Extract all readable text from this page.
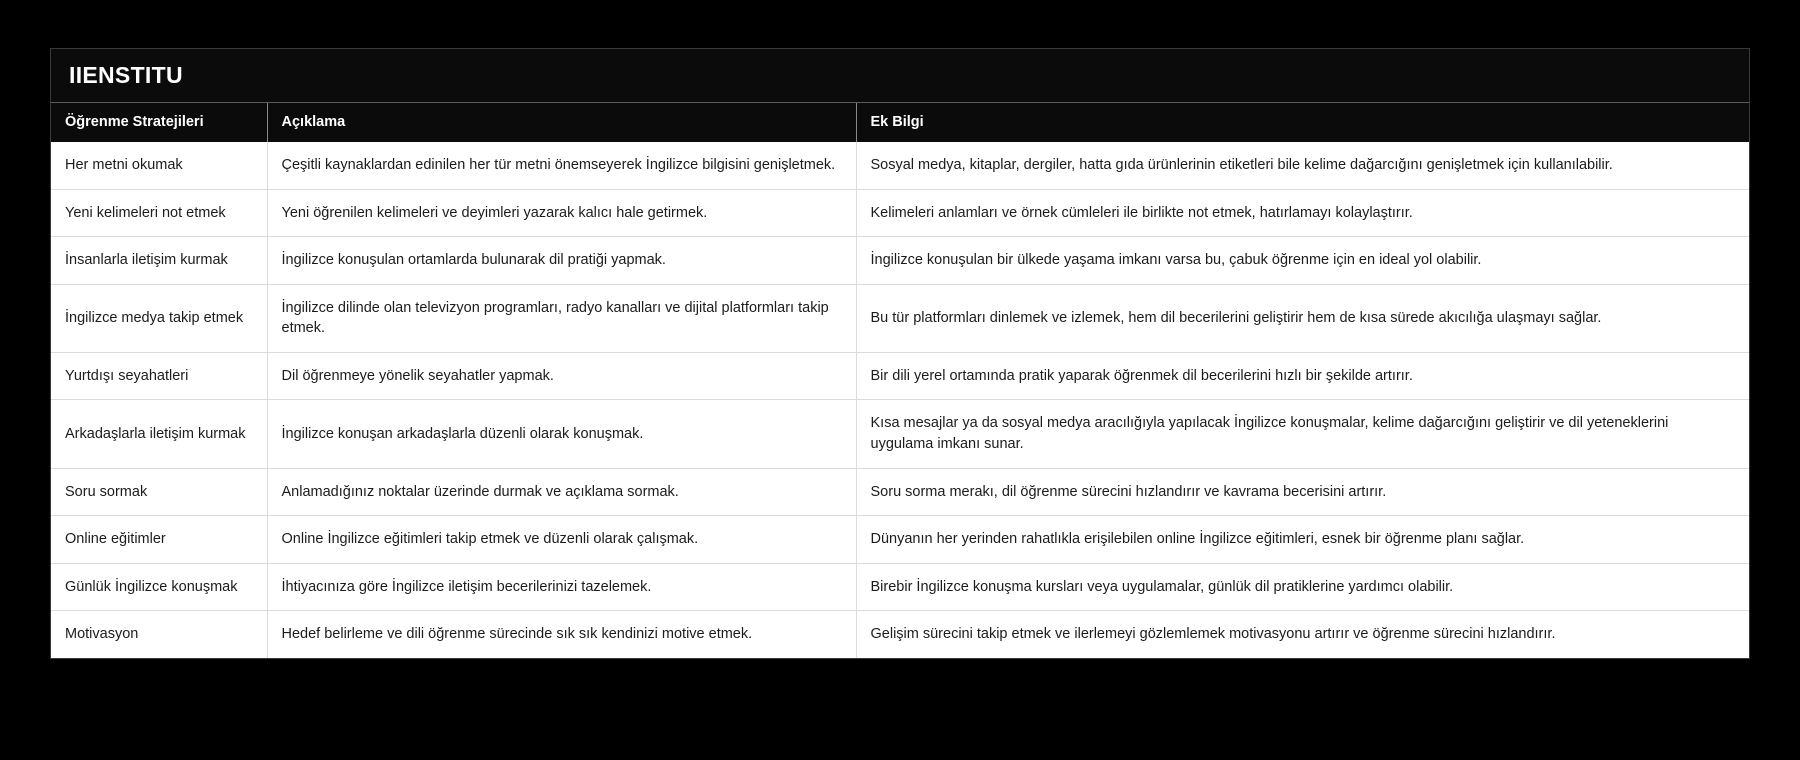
IIENSTITU
Öğrenme Stratejileri	Açıklama	Ek Bilgi
Her metni okumak	Çeşitli kaynaklardan edinilen her tür metni önemseyerek İngilizce bilgisini genişletmek.	Sosyal medya, kitaplar, dergiler, hatta gıda ürünlerinin etiketleri bile kelime dağarcığını genişletmek için kullanılabilir.
Yeni kelimeleri not etmek	Yeni öğrenilen kelimeleri ve deyimleri yazarak kalıcı hale getirmek.	Kelimeleri anlamları ve örnek cümleleri ile birlikte not etmek, hatırlamayı kolaylaştırır.
İnsanlarla iletişim kurmak	İngilizce konuşulan ortamlarda bulunarak dil pratiği yapmak.	İngilizce konuşulan bir ülkede yaşama imkanı varsa bu, çabuk öğrenme için en ideal yol olabilir.
İngilizce medya takip etmek	İngilizce dilinde olan televizyon programları, radyo kanalları ve dijital platformları takip etmek.	Bu tür platformları dinlemek ve izlemek, hem dil becerilerini geliştirir hem de kısa sürede akıcılığa ulaşmayı sağlar.
Yurtdışı seyahatleri	Dil öğrenmeye yönelik seyahatler yapmak.	Bir dili yerel ortamında pratik yaparak öğrenmek dil becerilerini hızlı bir şekilde artırır.
Arkadaşlarla iletişim kurmak	İngilizce konuşan arkadaşlarla düzenli olarak konuşmak.	Kısa mesajlar ya da sosyal medya aracılığıyla yapılacak İngilizce konuşmalar, kelime dağarcığını geliştirir ve dil yeteneklerini uygulama imkanı sunar.
Soru sormak	Anlamadığınız noktalar üzerinde durmak ve açıklama sormak.	Soru sorma merakı, dil öğrenme sürecini hızlandırır ve kavrama becerisini artırır.
Online eğitimler	Online İngilizce eğitimleri takip etmek ve düzenli olarak çalışmak.	Dünyanın her yerinden rahatlıkla erişilebilen online İngilizce eğitimleri, esnek bir öğrenme planı sağlar.
Günlük İngilizce konuşmak	İhtiyacınıza göre İngilizce iletişim becerilerinizi tazelemek.	Birebir İngilizce konuşma kursları veya uygulamalar, günlük dil pratiklerine yardımcı olabilir.
Motivasyon	Hedef belirleme ve dili öğrenme sürecinde sık sık kendinizi motive etmek.	Gelişim sürecini takip etmek ve ilerlemeyi gözlemlemek motivasyonu artırır ve öğrenme sürecini hızlandırır.
